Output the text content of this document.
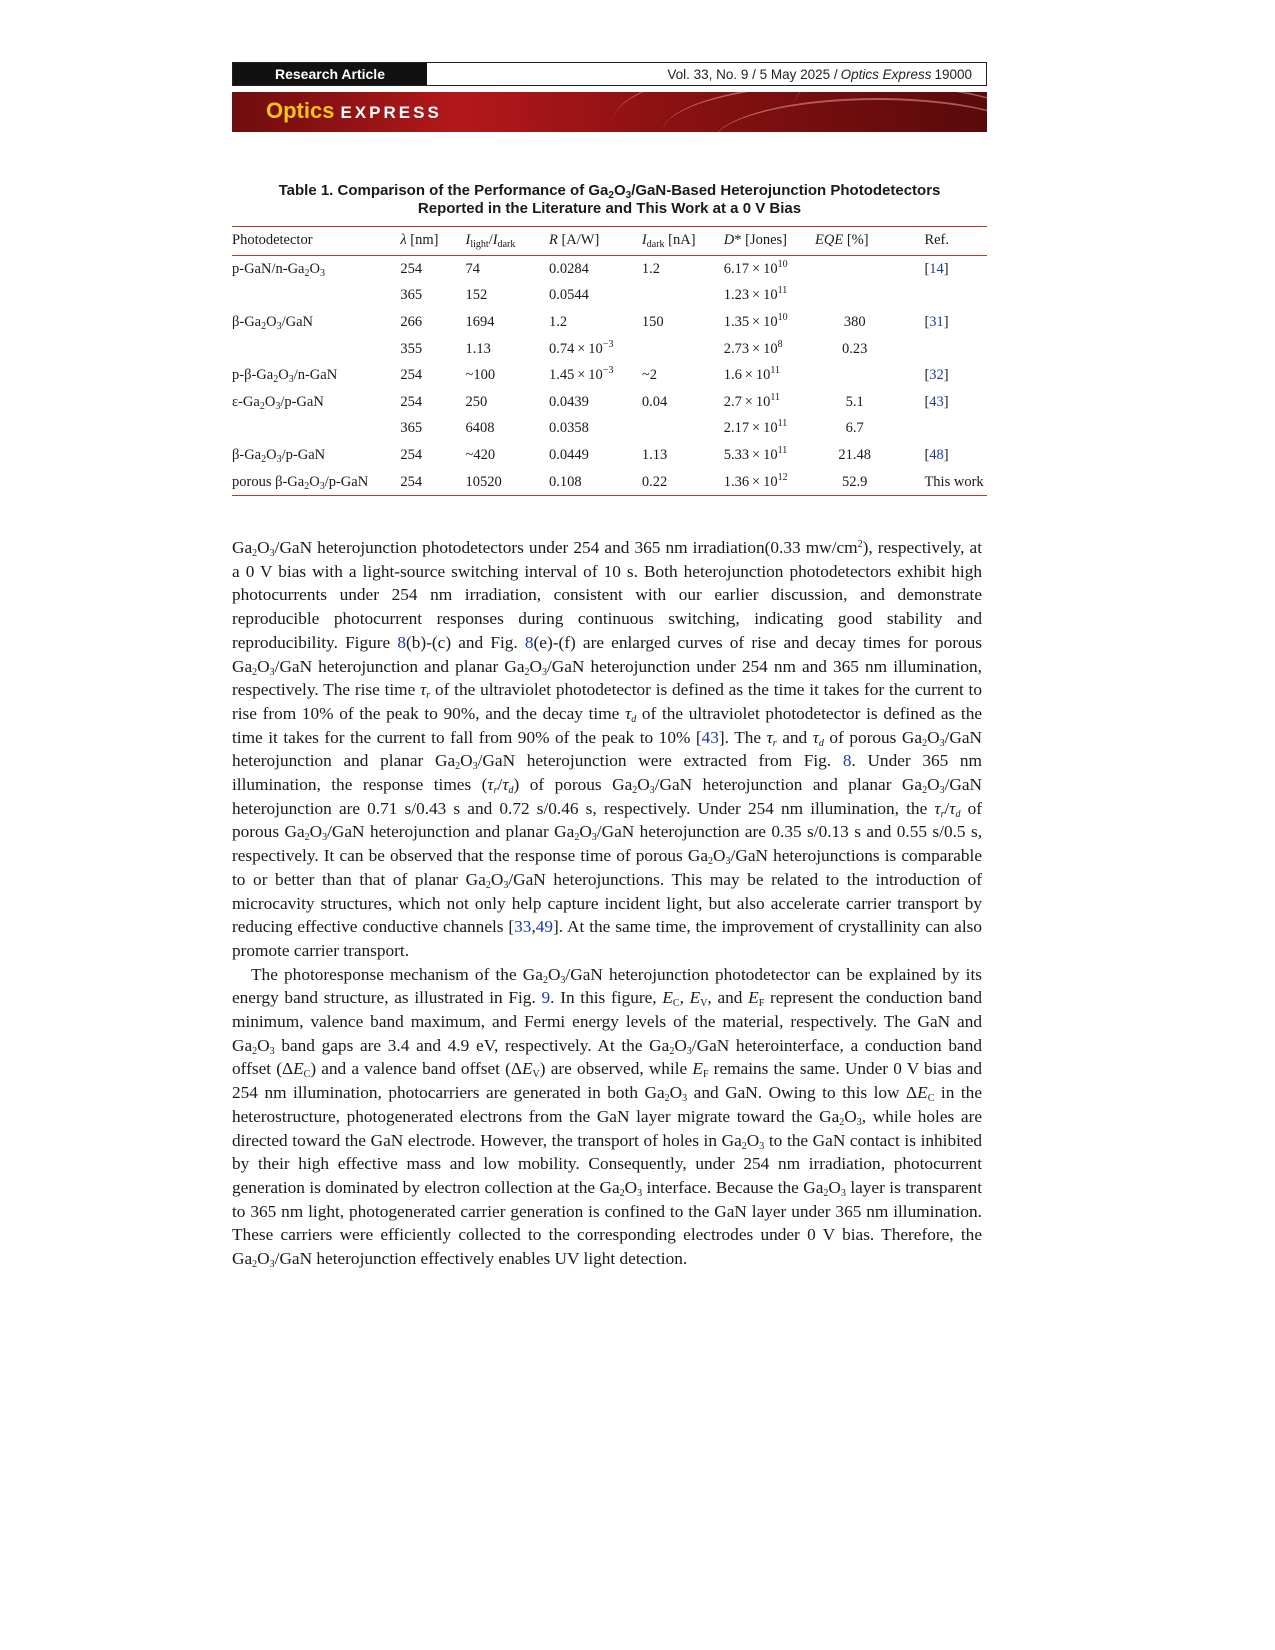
Research Article	Vol. 33, No. 9 / 5 May 2025 / Optics Express 19000
Optics EXPRESS
Table 1. Comparison of the Performance of $Ga_2O_3/GaN$-Based Heterojunction Photodetectors
Reported in the Literature and This Work at a 0 V Bias
Photodetector	λ [nm]	$I_{light}/I_{dark}$	R [A/W]	$I_{dark}$ [nA]	D* [Jones]	EQE [%]	Ref.
$p-GaN/n-Ga_2O_3$	254	74	0.0284	1.2	$6.17 \times 10^{10}$		[14]
	365	152	0.0544		$1.23 \times 10^{11}$		
$\beta-Ga_2O_3$/GaN	266	1694	1.2	150	$1.35 \times 10^{10}$	380	[31]
	355	1.13	$0.74 \times 10^{-3}$		$2.73 \times 10^8$	0.23	
$p-\beta-Ga_2O_3/n$-GaN	254	~100	$1.45 \times 10^{-3}$	~2	$1.6 \times 10^{11}$		[32]
$\varepsilon-Ga_2O_3/p$-GaN	254	250	0.0439	0.04	$2.7 \times 10^{11}$	5.1	[43]
	365	6408	0.0358		$2.17 \times 10^{11}$	6.7	
$\beta-Ga_2O_3/p$-GaN	254	~420	0.0449	1.13	$5.33 \times 10^{11}$	21.48	[48]
porous $\beta-Ga_2O_3/p$-GaN	254	10520	0.108	0.22	$1.36 \times 10^{12}$	52.9	This work

$Ga_2O_3$/GaN heterojunction photodetectors under 254 and 365 nm irradiation(0.33 $mw/cm^2$), respectively, at a 0 V bias with a light-source switching interval of 10 s. Both heterojunction photodetectors exhibit high photocurrents under 254 nm irradiation, consistent with our earlier discussion, and demonstrate reproducible photocurrent responses during continuous switching, indicating good stability and reproducibility. Figure 8(b)-(c) and Fig. 8(e)-(f) are enlarged curves of rise and decay times for porous $Ga_2O_3$/GaN heterojunction and planar $Ga_2O_3$/GaN heterojunction under 254 nm and 365 nm illumination, respectively. The rise time $\tau_r$ of the ultraviolet photodetector is defined as the time it takes for the current to rise from 10% of the peak to 90%, and the decay time $\tau_d$ of the ultraviolet photodetector is defined as the time it takes for the current to fall from 90% of the peak to 10% [43]. The $\tau_r$ and $\tau_d$ of porous $Ga_2O_3$/GaN heterojunction and planar $Ga_2O_3$/GaN heterojunction were extracted from Fig. 8. Under 365 nm illumination, the response times $(\tau_r/\tau_d)$ of porous $Ga_2O_3$/GaN heterojunction and planar $Ga_2O_3$/GaN heterojunction are 0.71 s/0.43 s and 0.72 s/0.46 s, respectively. Under 254 nm illumination, the $\tau_r/\tau_d$ of porous $Ga_2O_3$/GaN heterojunction and planar $Ga_2O_3$/GaN heterojunction are 0.35 s/0.13 s and 0.55 s/0.5 s, respectively. It can be observed that the response time of porous $Ga_2O_3$/GaN heterojunctions is comparable to or better than that of planar $Ga_2O_3$/GaN heterojunctions. This may be related to the introduction of microcavity structures, which not only help capture incident light, but also accelerate carrier transport by reducing effective conductive channels [33,49]. At the same time, the improvement of crystallinity can also promote carrier transport.

The photoresponse mechanism of the $Ga_2O_3$/GaN heterojunction photodetector can be explained by its energy band structure, as illustrated in Fig. 9. In this figure, $E_C$, $E_V$, and $E_F$ represent the conduction band minimum, valence band maximum, and Fermi energy levels of the material, respectively. The GaN and $Ga_2O_3$ band gaps are 3.4 and 4.9 eV, respectively. At the $Ga_2O_3$/GaN heterointerface, a conduction band offset $(\Delta E_C)$ and a valence band offset $(\Delta E_V)$ are observed, while $E_F$ remains the same. Under 0 V bias and 254 nm illumination, photocarriers are generated in both $Ga_2O_3$ and GaN. Owing to this low $\Delta E_C$ in the heterostructure, photogenerated electrons from the GaN layer migrate toward the $Ga_2O_3$, while holes are directed toward the GaN electrode. However, the transport of holes in $Ga_2O_3$ to the GaN contact is inhibited by their high effective mass and low mobility. Consequently, under 254 nm irradiation, photocurrent generation is dominated by electron collection at the $Ga_2O_3$ interface. Because the $Ga_2O_3$ layer is transparent to 365 nm light, photogenerated carrier generation is confined to the GaN layer under 365 nm illumination. These carriers were efficiently collected to the corresponding electrodes under 0 V bias. Therefore, the $Ga_2O_3$/GaN heterojunction effectively enables UV light detection.
